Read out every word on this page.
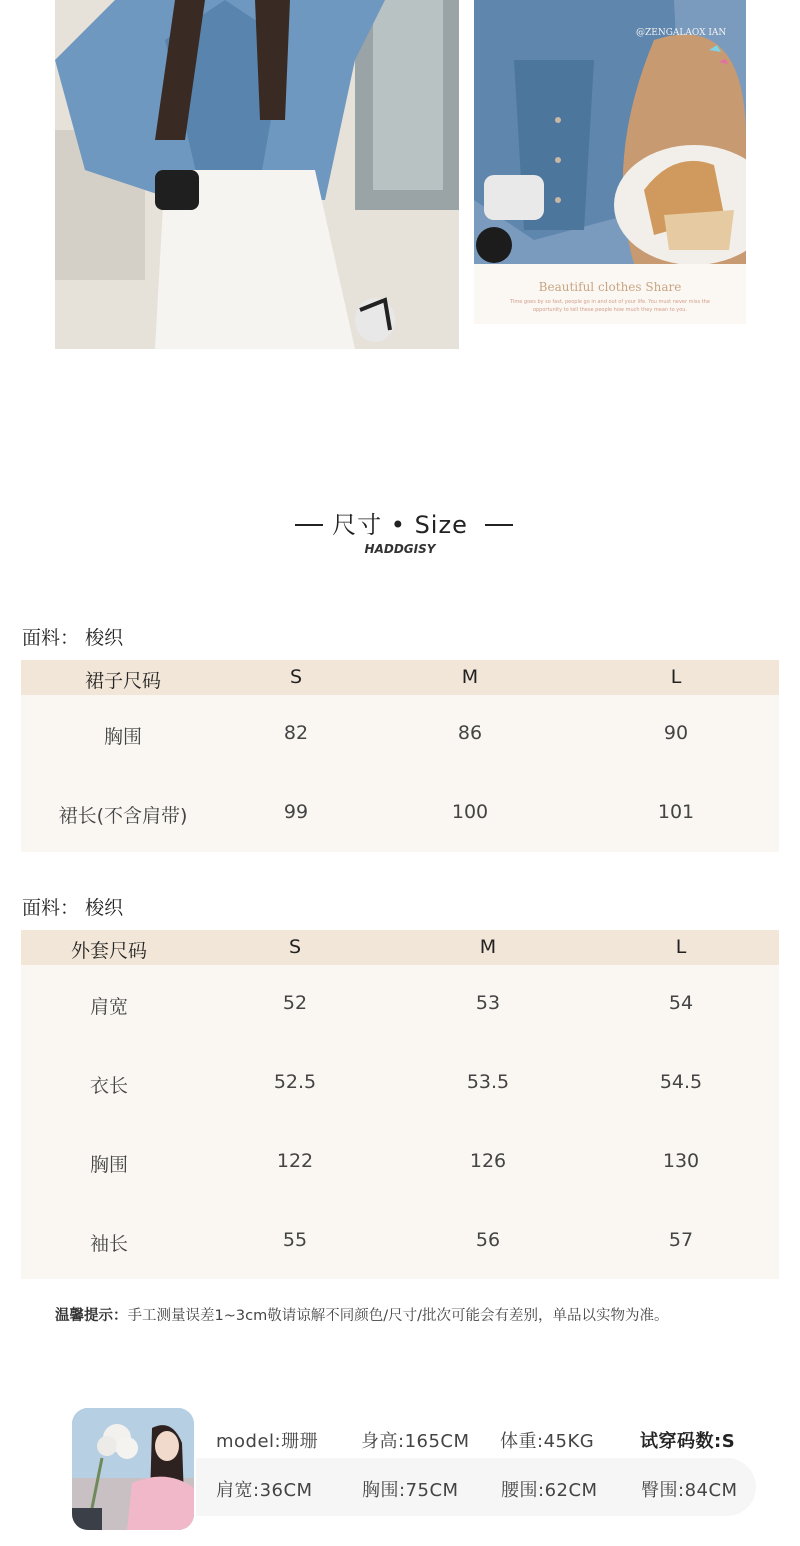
@ZENGALAOX IAN
Beautiful clothes Share
Time goes by so fast, people go in and out of your life. You must never miss the opportunity to tell these people how much they mean to you.
尺寸 • Size
HADDGISY
面料： 梭织
裙子尺码	S	M	L
胸围	82	86	90
裙长(不含肩带)	99	100	101
面料： 梭织
外套尺码	S	M	L
肩宽	52	53	54
衣长	52.5	53.5	54.5
胸围	122	126	130
袖长	55	56	57
温馨提示：手工测量误差1~3cm敬请谅解不同颜色/尺寸/批次可能会有差别，单品以实物为准。
model:珊珊 身高:165CM 体重:45KG	试穿码数:S
肩宽:36CM	胸围:75CM 腰围:62CM 臀围:84CM
